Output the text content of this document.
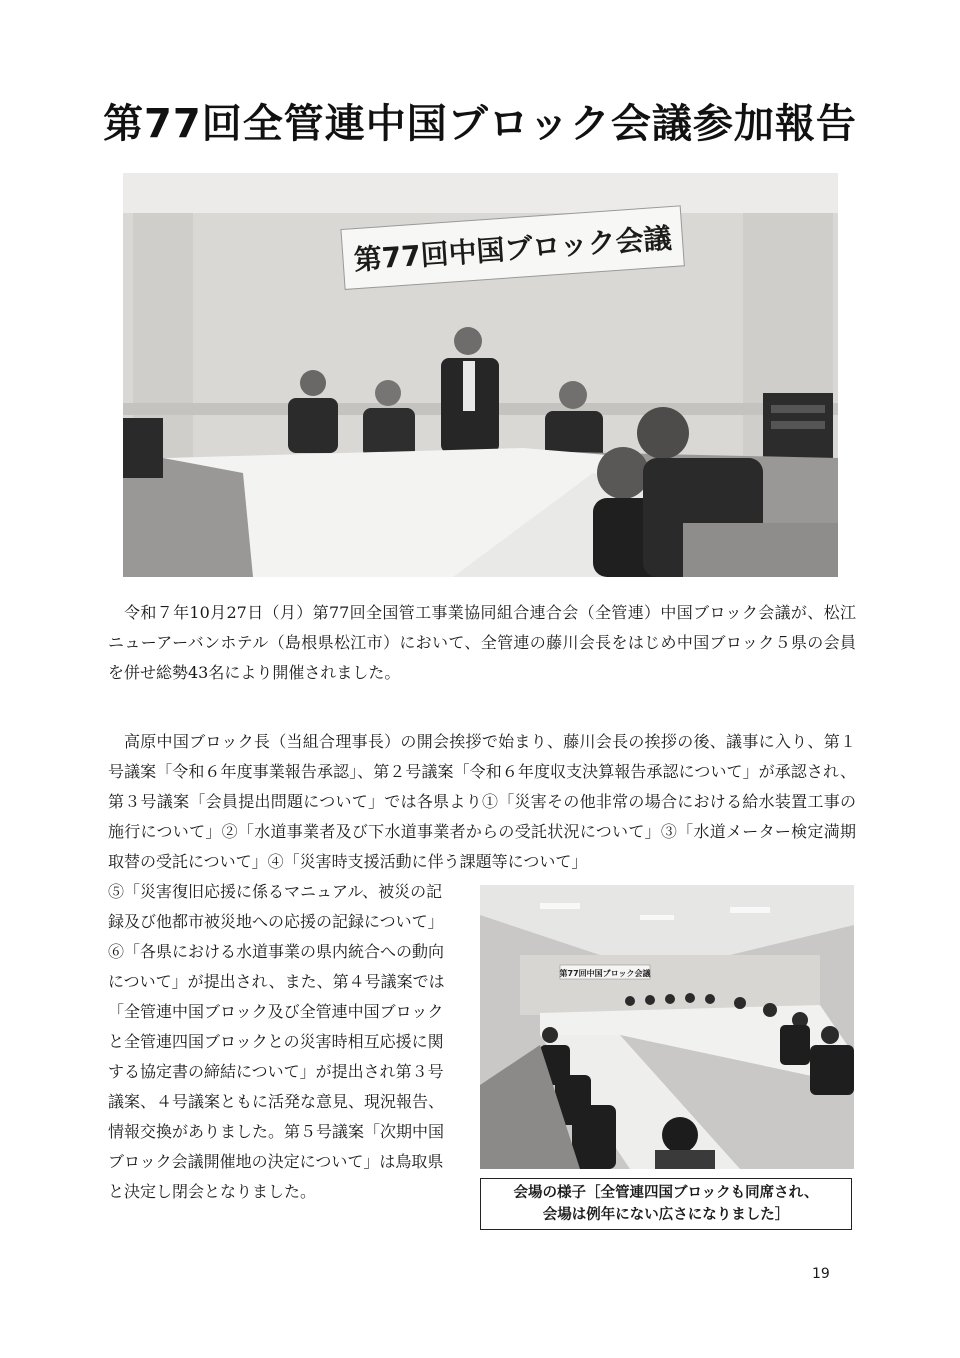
第77回全管連中国ブロック会議参加報告
第77回中国ブロック会議

令和７年10月27日（月）第77回全国管工事業協同組合連合会（全管連）中国ブロック会議が、松江ニューアーバンホテル（島根県松江市）において、全管連の藤川会長をはじめ中国ブロック５県の会員を併せ総勢43名により開催されました。

高原中国ブロック長（当組合理事長）の開会挨拶で始まり、藤川会長の挨拶の後、議事に入り、第１号議案「令和６年度事業報告承認」、第２号議案「令和６年度収支決算報告承認について」が承認され、第３号議案「会員提出問題について」では各県より①「災害その他非常の場合における給水装置工事の施行について」②「水道事業者及び下水道事業者からの受託状況について」③「水道メーター検定満期取替の受託について」④「災害時支援活動に伴う課題等について」

⑤「災害復旧応援に係るマニュアル、被災の記録及び他都市被災地への応援の記録について」⑥「各県における水道事業の県内統合への動向について」が提出され、また、第４号議案では「全管連中国ブロック及び全管連中国ブロックと全管連四国ブロックとの災害時相互応援に関する協定書の締結について」が提出され第３号議案、４号議案ともに活発な意見、現況報告、情報交換がありました。第５号議案「次期中国ブロック会議開催地の決定について」は鳥取県と決定し閉会となりました。
第77回中国ブロック会議
会場の様子［全管連四国ブロックも同席され、
会場は例年にない広さになりました］
19
